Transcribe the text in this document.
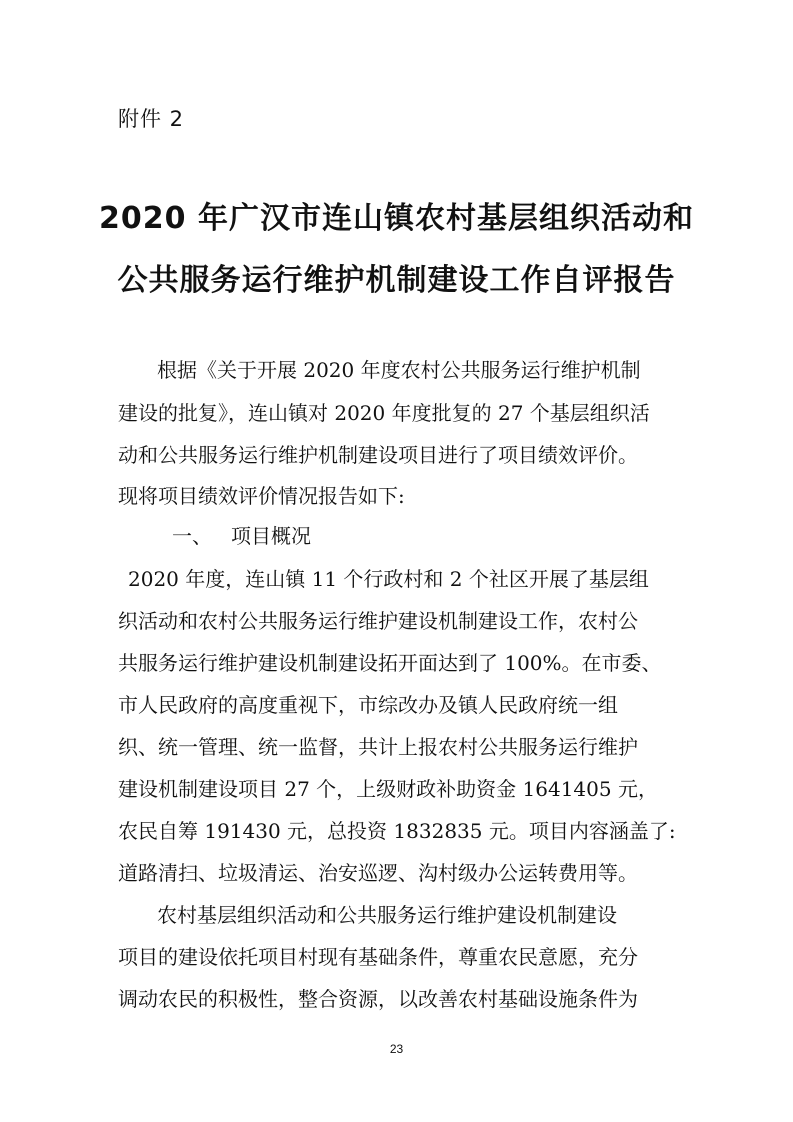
附件 2
2020 年广汉市连山镇农村基层组织活动和
公共服务运行维护机制建设工作自评报告
根据《关于开展 2020 年度农村公共服务运行维护机制
建设的批复》，连山镇对 2020 年度批复的 27 个基层组织活
动和公共服务运行维护机制建设项目进行了项目绩效评价。
现将项目绩效评价情况报告如下:
一、 项目概况
2020 年度，连山镇 11 个行政村和 2 个社区开展了基层组
织活动和农村公共服务运行维护建设机制建设工作，农村公
共服务运行维护建设机制建设拓开面达到了 100%。在市委、
市人民政府的高度重视下，市综改办及镇人民政府统一组
织、统一管理、统一监督，共计上报农村公共服务运行维护
建设机制建设项目 27 个，上级财政补助资金 1641405 元，
农民自筹 191430 元，总投资 1832835 元。项目内容涵盖了:
道路清扫、垃圾清运、治安巡逻、沟村级办公运转费用等。
农村基层组织活动和公共服务运行维护建设机制建设
项目的建设依托项目村现有基础条件，尊重农民意愿，充分
调动农民的积极性，整合资源，以改善农村基础设施条件为
23
